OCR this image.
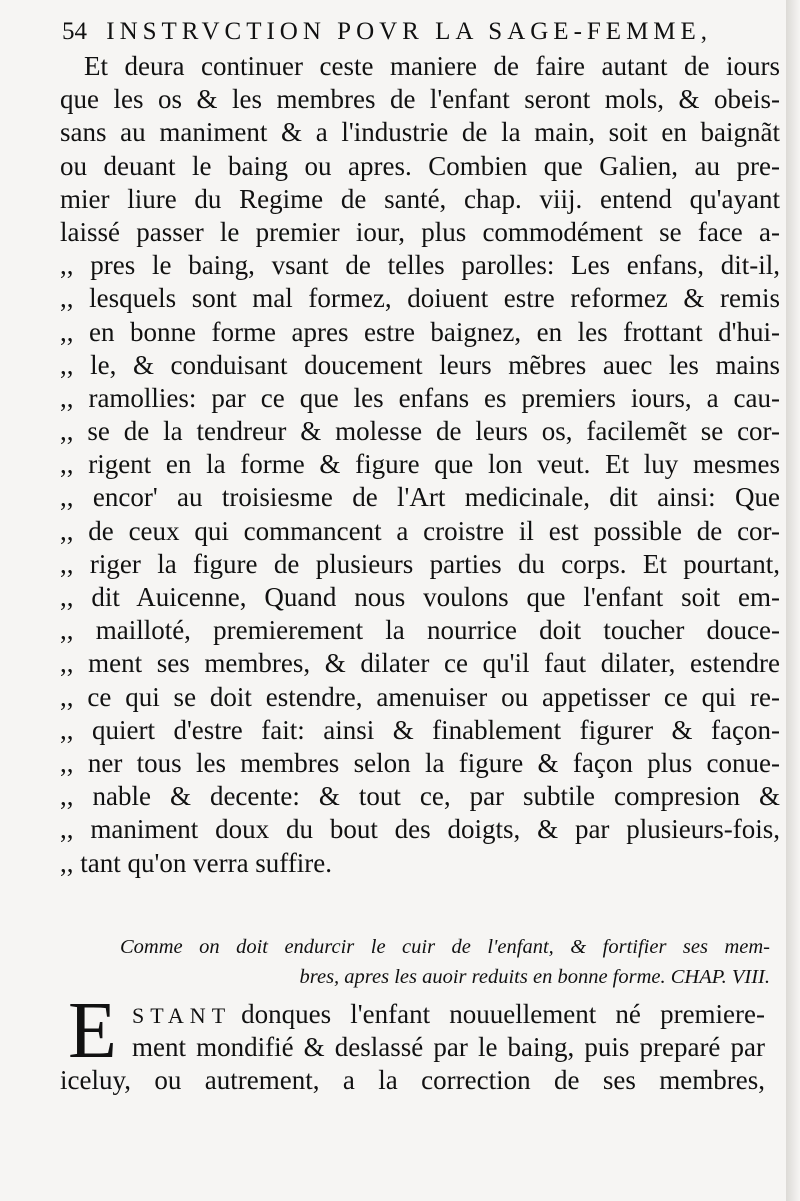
54 INSTRVCTION POVR LA SAGE-FEMME,
Et deura continuer ceste maniere de faire autant de iours
que les os & les membres de l'enfant seront mols, & obeis-
sans au maniment & a l'industrie de la main, soit en baignãt
ou deuant le baing ou apres. Combien que Galien, au pre-
mier liure du Regime de santé, chap. viij. entend qu'ayant
laissé passer le premier iour, plus commodément se face a-
,, pres le baing, vsant de telles parolles: Les enfans, dit-il,
,, lesquels sont mal formez, doiuent estre reformez & remis
,, en bonne forme apres estre baignez, en les frottant d'hui-
,, le, & conduisant doucement leurs mẽbres auec les mains
,, ramollies: par ce que les enfans es premiers iours, a cau-
,, se de la tendreur & molesse de leurs os, facilemẽt se cor-
,, rigent en la forme & figure que lon veut. Et luy mesmes
,, encor' au troisiesme de l'Art medicinale, dit ainsi: Que
,, de ceux qui commancent a croistre il est possible de cor-
,, riger la figure de plusieurs parties du corps. Et pourtant,
,, dit Auicenne, Quand nous voulons que l'enfant soit em-
,, mailloté, premierement la nourrice doit toucher douce-
,, ment ses membres, & dilater ce qu'il faut dilater, estendre
,, ce qui se doit estendre, amenuiser ou appetisser ce qui re-
,, quiert d'estre fait: ainsi & finablement figurer & façon-
,, ner tous les membres selon la figure & façon plus conue-
,, nable & decente: & tout ce, par subtile compresion &
,, maniment doux du bout des doigts, & par plusieurs-fois,
,, tant qu'on verra suffire.
Comme on doit endurcir le cuir de l'enfant, & fortifier ses mem-
bres, apres les auoir reduits en bonne forme. CHAP. VIII.
E STANT donques l'enfant nouuellement né premiere-
ment mondifié & deslassé par le baing, puis preparé par
iceluy, ou autrement, a la correction de ses membres,
